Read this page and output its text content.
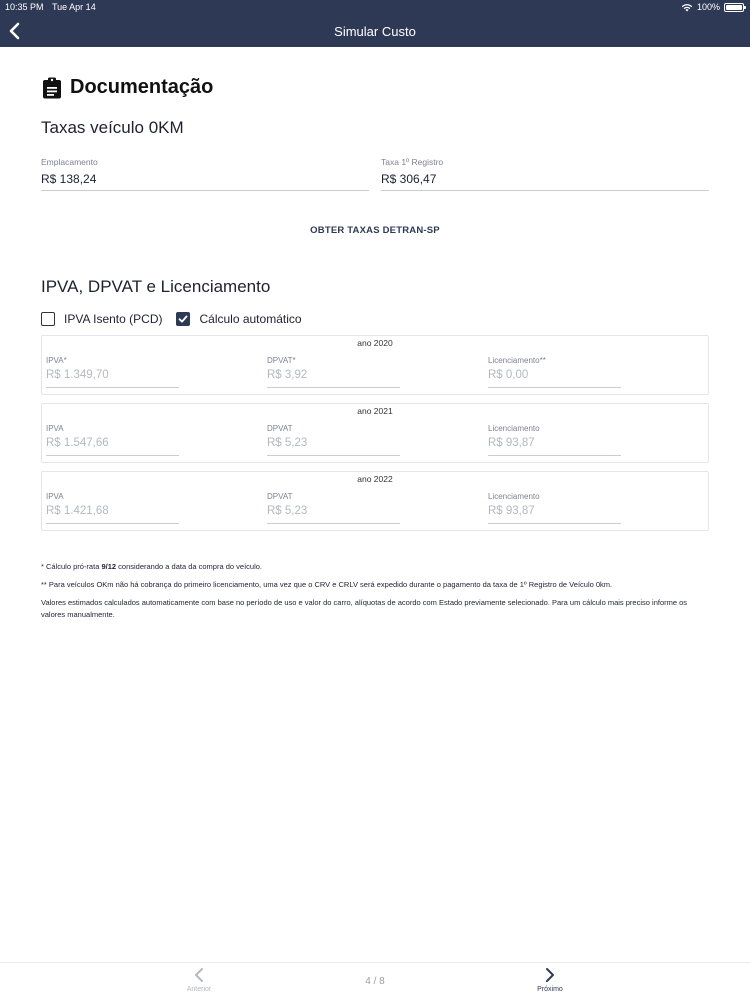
10:35 PM Tue Apr 14	100%
Simular Custo
Documentação
Taxas veículo 0KM
Emplacamento
R$ 138,24
Taxa 1º Registro
R$ 306,47
OBTER TAXAS DETRAN-SP
IPVA, DPVAT e Licenciamento
IPVA Isento (PCD)	Cálculo automático
ano 2020
IPVA*
R$ 1.349,70
DPVAT*
R$ 3,92
Licenciamento**
R$ 0,00
ano 2021
IPVA
R$ 1.547,66
DPVAT
R$ 5,23
Licenciamento
R$ 93,87
ano 2022
IPVA
R$ 1.421,68
DPVAT
R$ 5,23
Licenciamento
R$ 93,87

* Cálculo pró-rata 9/12 considerando a data da compra do veículo.

** Para veículos OKm não há cobrança do primeiro licenciamento, uma vez que o CRV e CRLV será expedido durante o pagamento da taxa de 1º Registro de Veículo 0km.

Valores estimados calculados automaticamente com base no período de uso e valor do carro, alíquotas de acordo com Estado previamente selecionado. Para um cálculo mais preciso informe os valores manualmente.

Anterior
4 / 8
Próximo
